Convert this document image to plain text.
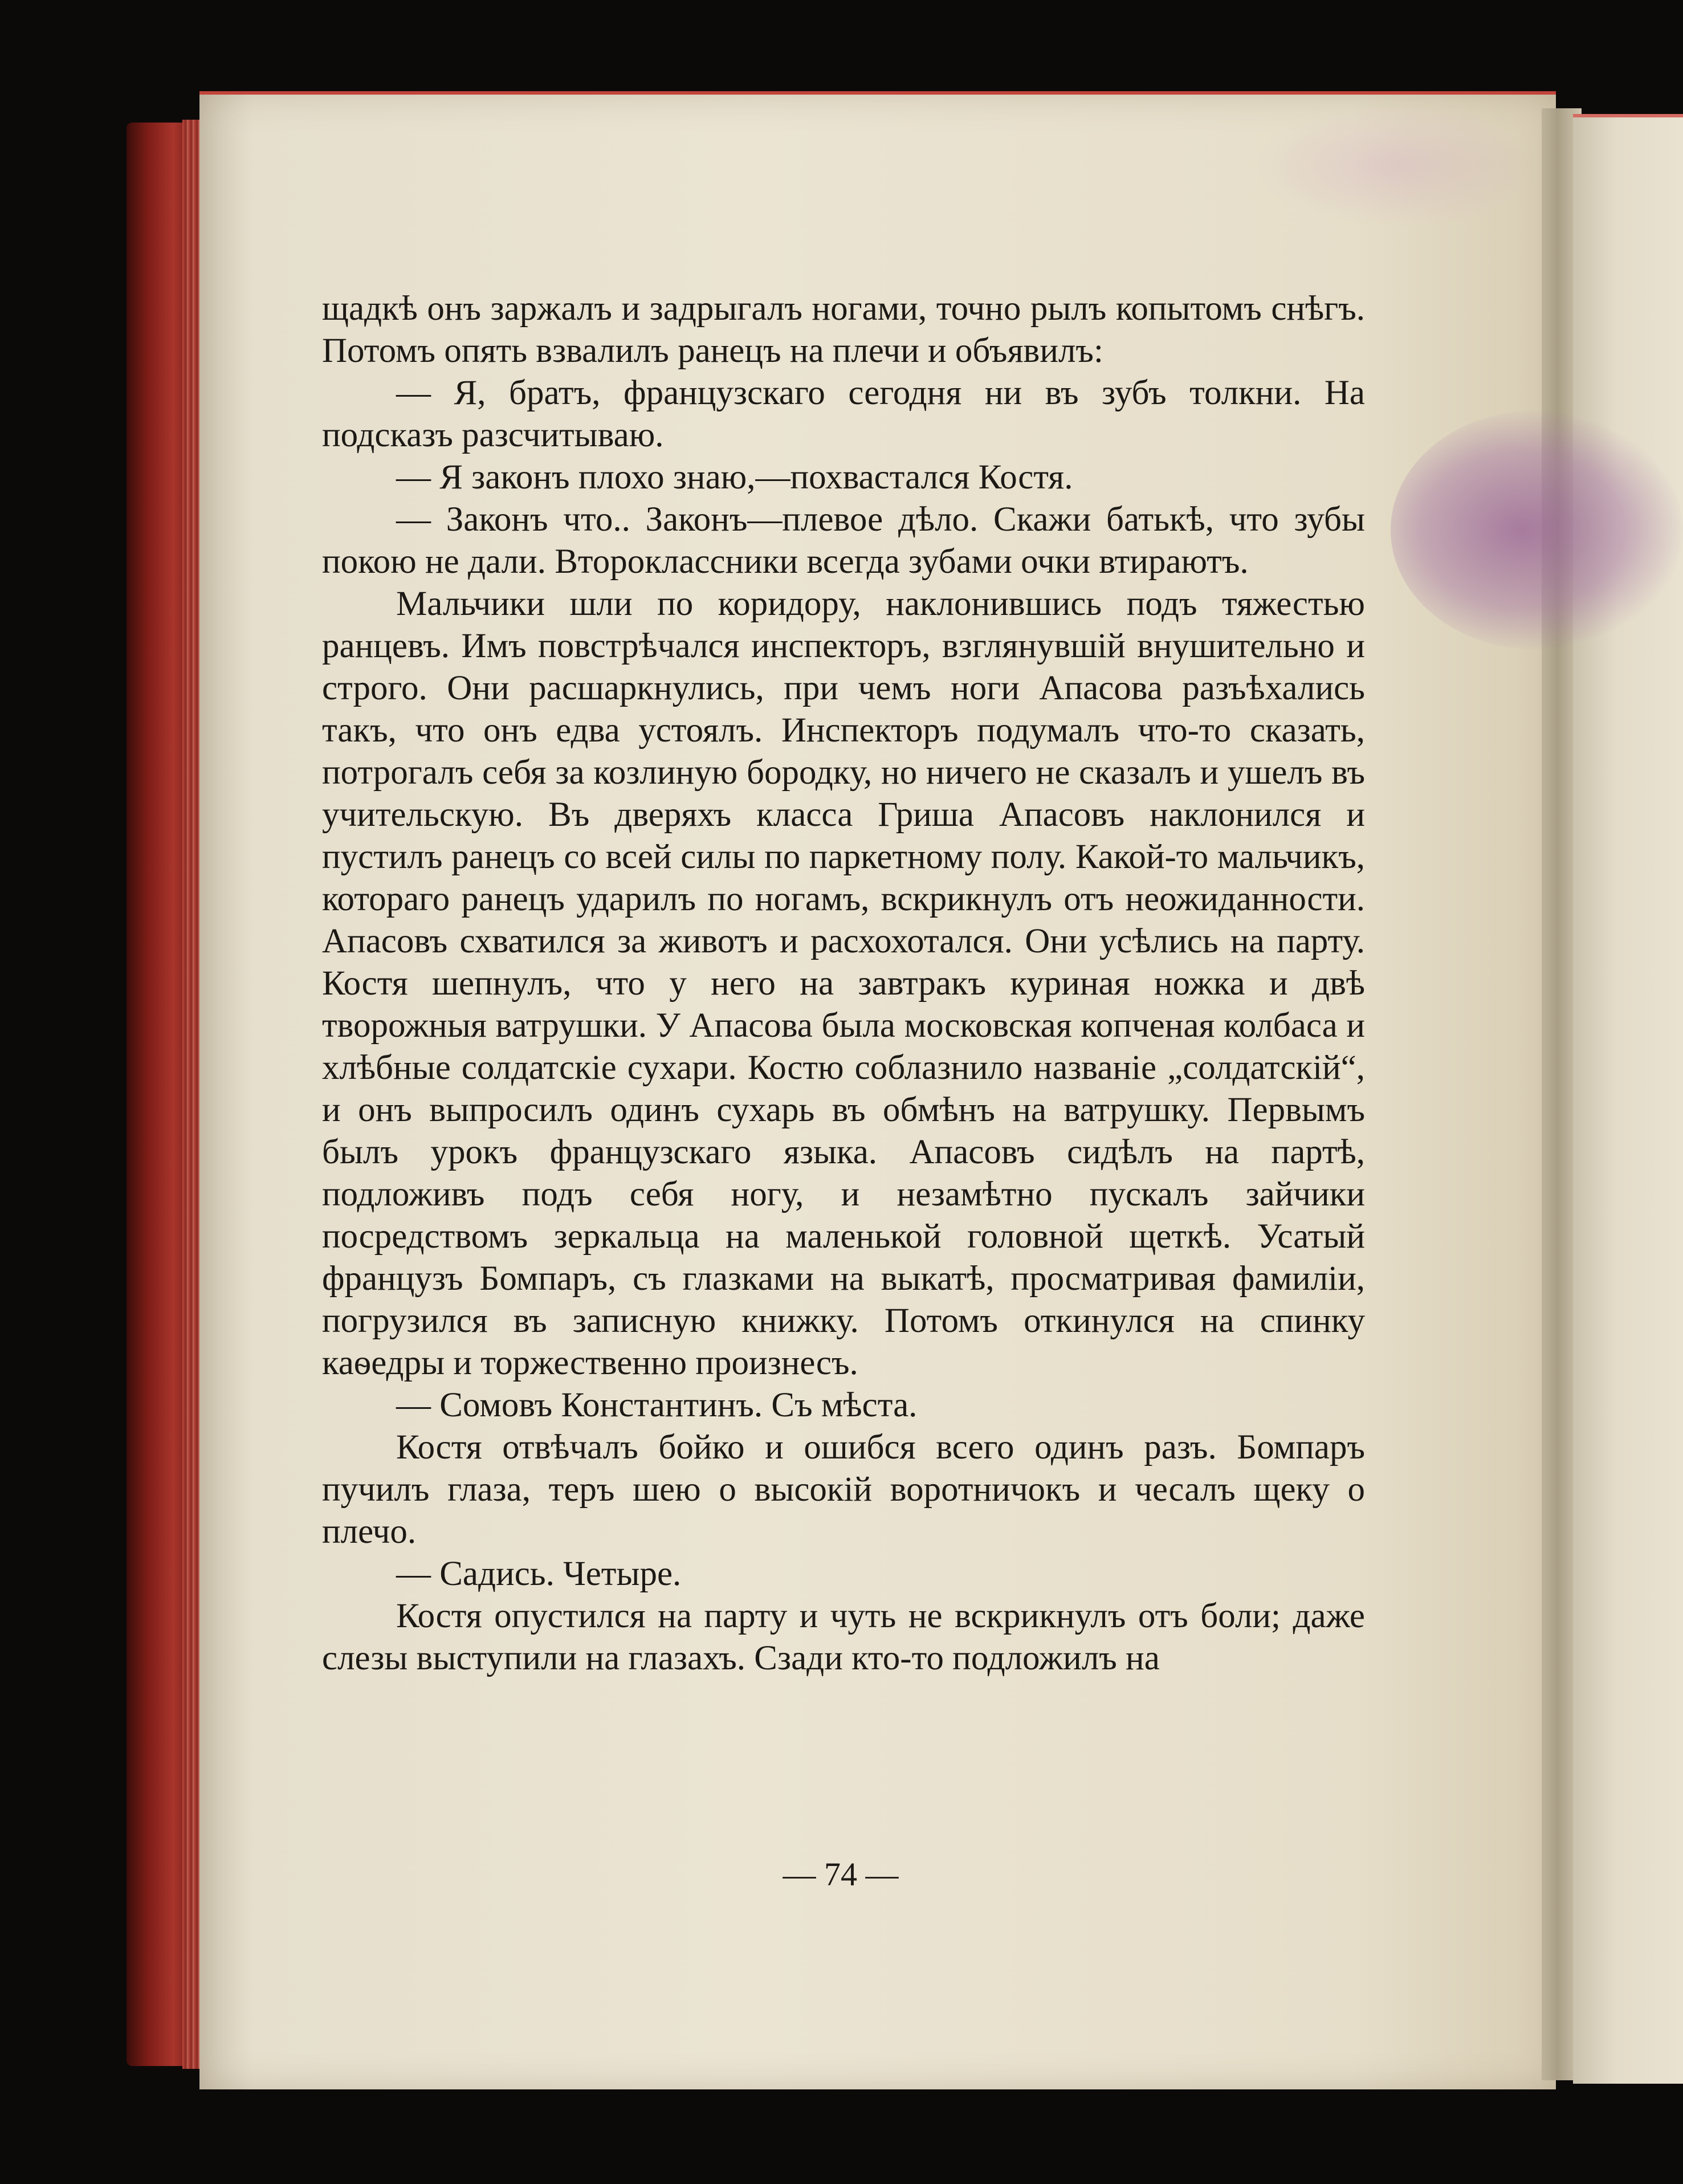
щадкѣ онъ заржалъ и задрыгалъ ногами, точно рылъ копытомъ снѣгъ. Потомъ опять взвалилъ ранецъ на плечи и объявилъ:

— Я, братъ, французскаго сегодня ни въ зубъ толкни. На подсказъ разсчитываю.

— Я законъ плохо знаю,—похвастался Костя.

— Законъ что.. Законъ—плевое дѣло. Скажи батькѣ, что зубы покою не дали. Второклассники всегда зубами очки втираютъ.

Мальчики шли по коридору, наклонившись подъ тяжестью ранцевъ. Имъ повстрѣчался инспекторъ, взглянувшій внушительно и строго. Они расшаркнулись, при чемъ ноги Апасова разъѣхались такъ, что онъ едва устоялъ. Инспекторъ подумалъ что-то сказать, потрогалъ себя за козлиную бородку, но ничего не сказалъ и ушелъ въ учительскую. Въ дверяхъ класса Гриша Апасовъ наклонился и пустилъ ранецъ со всей силы по паркетному полу. Какой-то мальчикъ, котораго ранецъ ударилъ по ногамъ, вскрикнулъ отъ неожиданности. Апасовъ схватился за животъ и расхохотался. Они усѣлись на парту. Костя шепнулъ, что у него на завтракъ куриная ножка и двѣ творожныя ватрушки. У Апасова была московская копченая колбаса и хлѣбные солдатскіе сухари. Костю соблазнило названіе „солдатскій“, и онъ выпросилъ одинъ сухарь въ обмѣнъ на ватрушку. Первымъ былъ урокъ французскаго языка. Апасовъ сидѣлъ на партѣ, подложивъ подъ себя ногу, и незамѣтно пускалъ зайчики посредствомъ зеркальца на маленькой головной щеткѣ. Усатый французъ Бомпаръ, съ глазками на выкатѣ, просматривая фамиліи, погрузился въ записную книжку. Потомъ откинулся на спинку каѳедры и торжественно произнесъ.

— Сомовъ Константинъ. Съ мѣста.

Костя отвѣчалъ бойко и ошибся всего одинъ разъ. Бомпаръ пучилъ глаза, теръ шею о высокій воротничокъ и чесалъ щеку о плечо.

— Садись. Четыре.

Костя опустился на парту и чуть не вскрикнулъ отъ боли; даже слезы выступили на глазахъ. Сзади кто-то подложилъ на

— 74 —
